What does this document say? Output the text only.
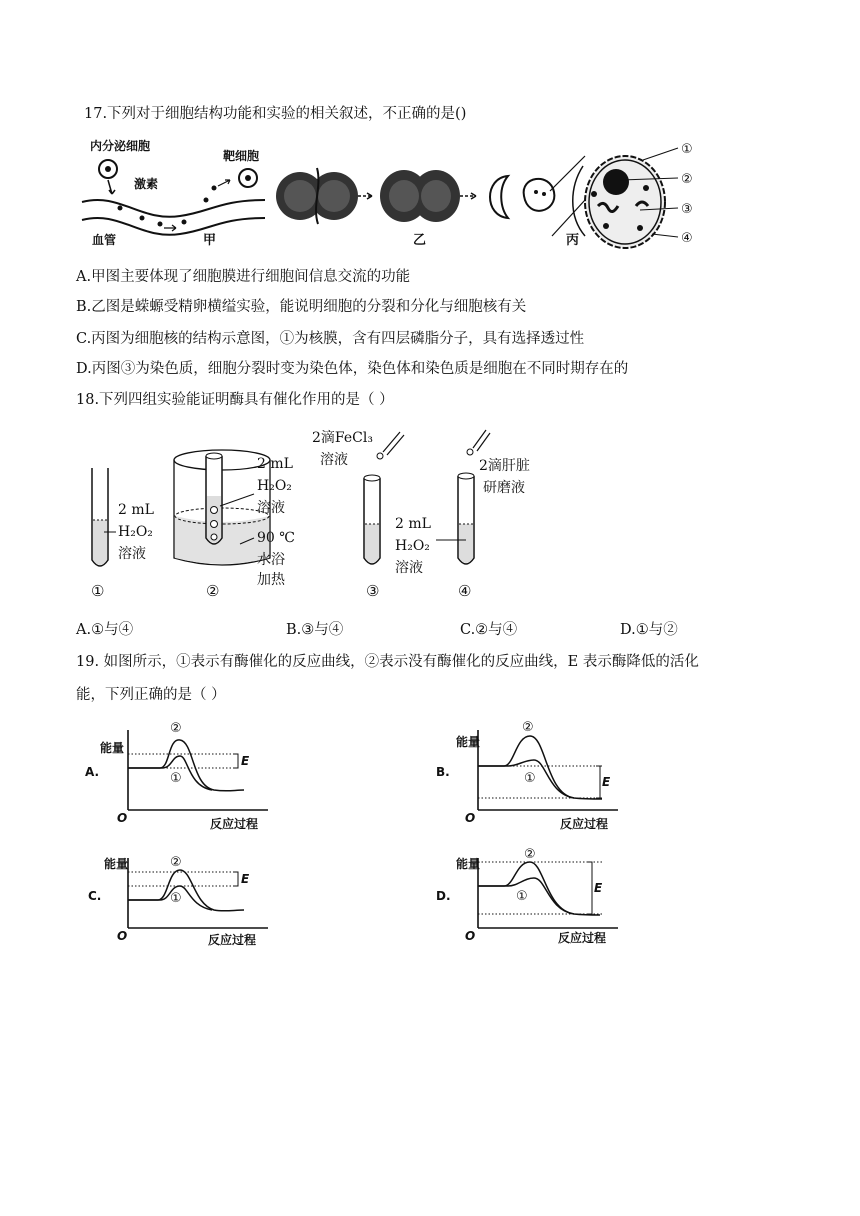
17.下列对于细胞结构功能和实验的相关叙述，不正确的是()
内分泌细胞
靶细胞
激素
血管	甲	乙
①
②
③
④
丙
A.甲图主要体现了细胞膜进行细胞间信息交流的功能
B.乙图是蝾螈受精卵横缢实验，能说明细胞的分裂和分化与细胞核有关
C.丙图为细胞核的结构示意图，①为核膜，含有四层磷脂分子，具有选择透过性
D.丙图③为染色质，细胞分裂时变为染色体，染色体和染色质是细胞在不同时期存在的
18.下列四组实验能证明酶具有催化作用的是（ ）
2 mL
H₂O₂
溶液
①
2 mL
H₂O₂
溶液
90 ℃
水浴
加热
②
2滴FeCl₃
溶液
2 mL
H₂O₂
溶液
③
2滴肝脏
研磨液
④
A.①与④	B.③与④	C.②与④	D.①与②
19. 如图所示，①表示有酶催化的反应曲线，②表示没有酶催化的反应曲线，E 表示酶降低的活化
能，下列正确的是（ ）
能量
A.
O	反应过程
E
②
①
能量
B.
O	反应过程
E
②
①
能量
C.
O	反应过程
E
②
①
能量
D.
O	反应过程
E
②
①
